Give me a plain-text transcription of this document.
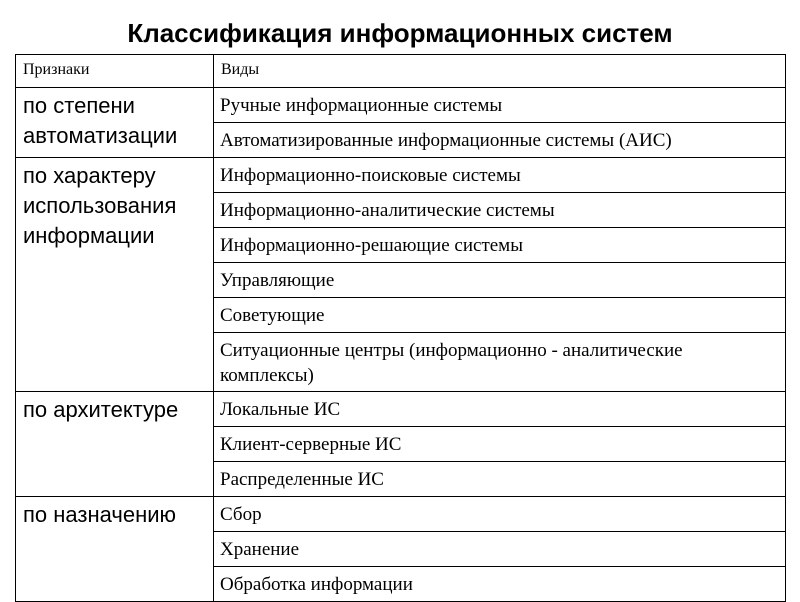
Классификация информационных систем
Признаки	Виды

по степени автоматизации	Ручные информационные системы

	Автоматизированные информационные системы (АИС)

по характеру использования информации	Информационно-поисковые системы

	Информационно-аналитические системы

	Информационно-решающие системы

	Управляющие

	Советующие

	Ситуационные центры (информационно - аналитические комплексы)

по архитектуре	Локальные ИС

	Клиент-серверные ИС

	Распределенные ИС

по назначению	Сбор

	Хранение

	Обработка информации
